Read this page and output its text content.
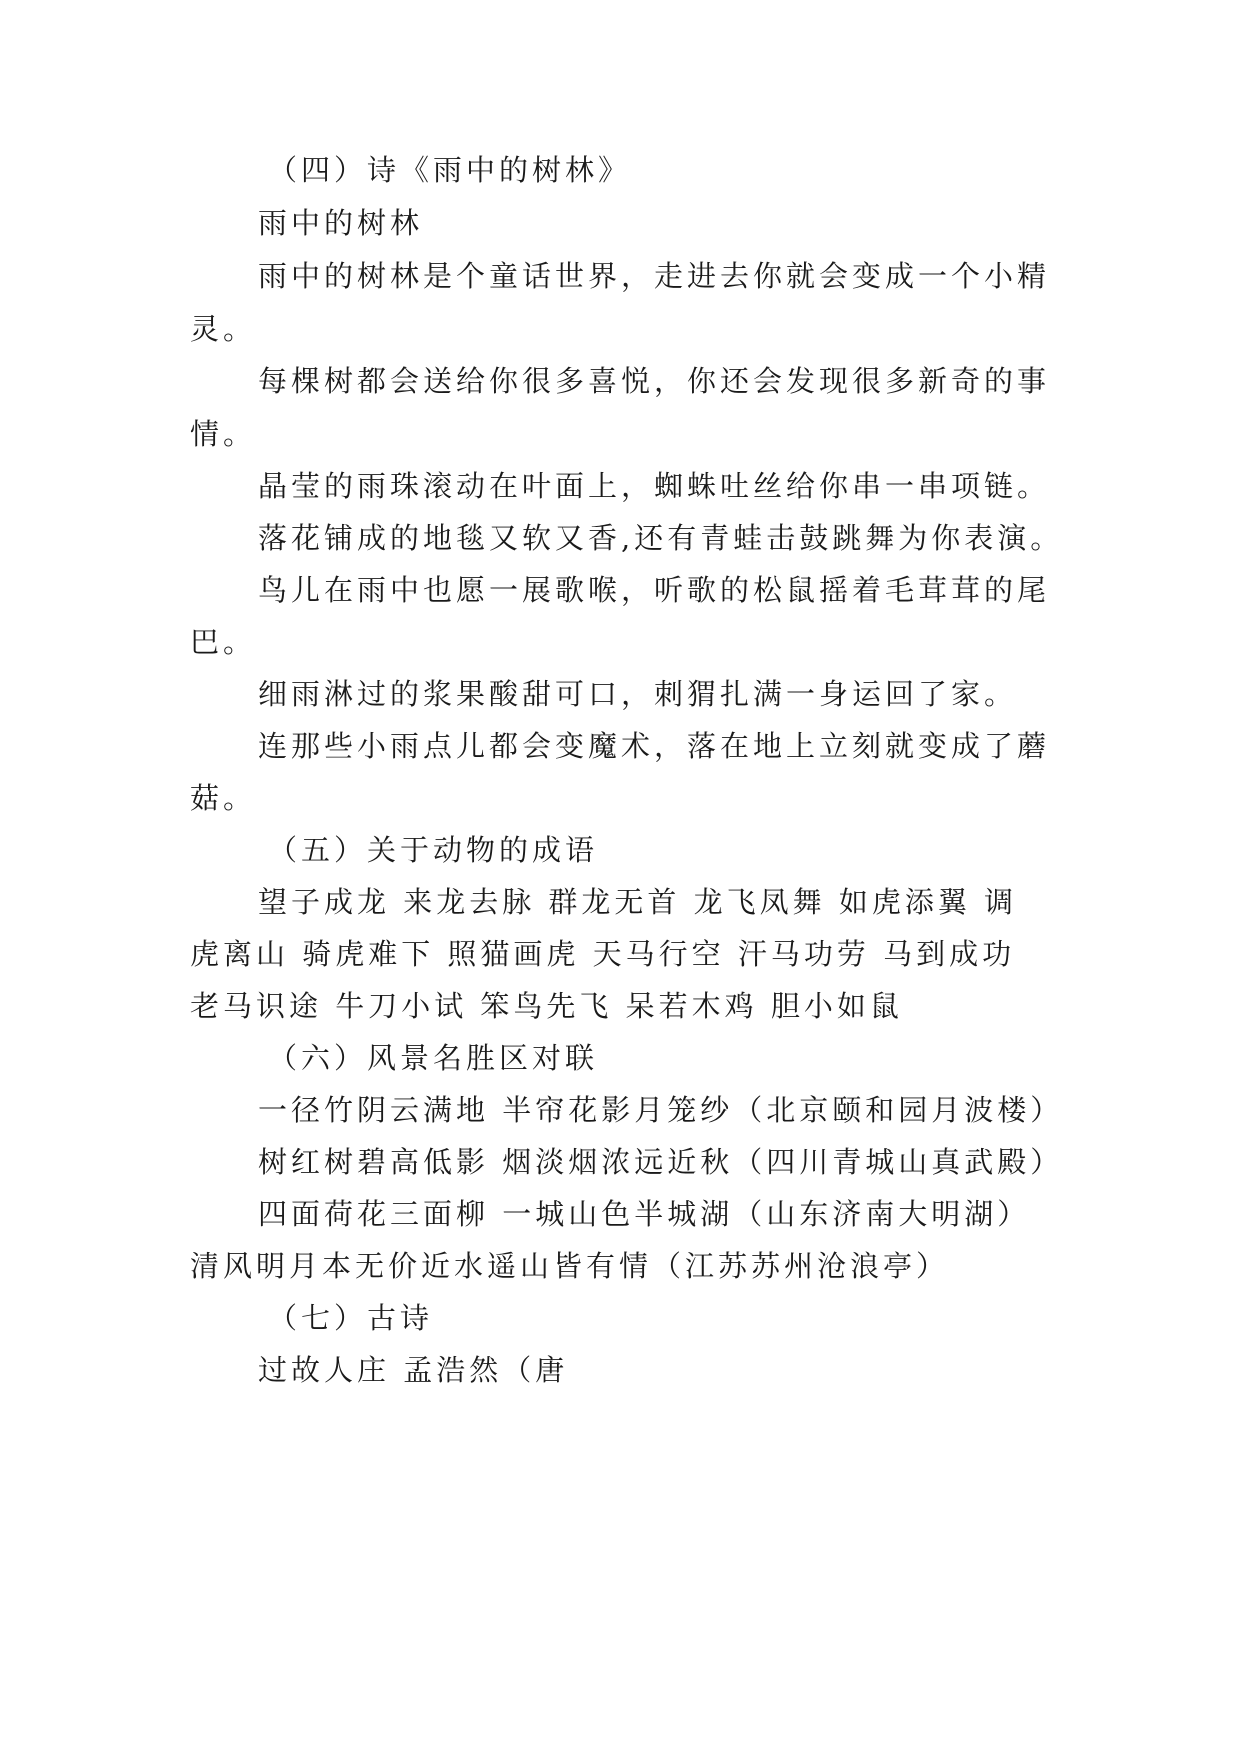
（四）诗《雨中的树林》
雨中的树林
雨中的树林是个童话世界，走进去你就会变成一个小精
灵。
每棵树都会送给你很多喜悦，你还会发现很多新奇的事
情。
晶莹的雨珠滚动在叶面上，蜘蛛吐丝给你串一串项链。
落花铺成的地毯又软又香,还有青蛙击鼓跳舞为你表演。
鸟儿在雨中也愿一展歌喉，听歌的松鼠摇着毛茸茸的尾
巴。
细雨淋过的浆果酸甜可口，刺猬扎满一身运回了家。
连那些小雨点儿都会变魔术，落在地上立刻就变成了蘑
菇。
（五）关于动物的成语
望子成龙 来龙去脉 群龙无首 龙飞凤舞 如虎添翼 调
虎离山 骑虎难下 照猫画虎 天马行空 汗马功劳 马到成功
老马识途 牛刀小试 笨鸟先飞 呆若木鸡 胆小如鼠
（六）风景名胜区对联
一径竹阴云满地 半帘花影月笼纱（北京颐和园月波楼）
树红树碧高低影 烟淡烟浓远近秋（四川青城山真武殿）
四面荷花三面柳 一城山色半城湖（山东济南大明湖）
清风明月本无价近水遥山皆有情（江苏苏州沧浪亭）
（七）古诗
过故人庄 孟浩然（唐
